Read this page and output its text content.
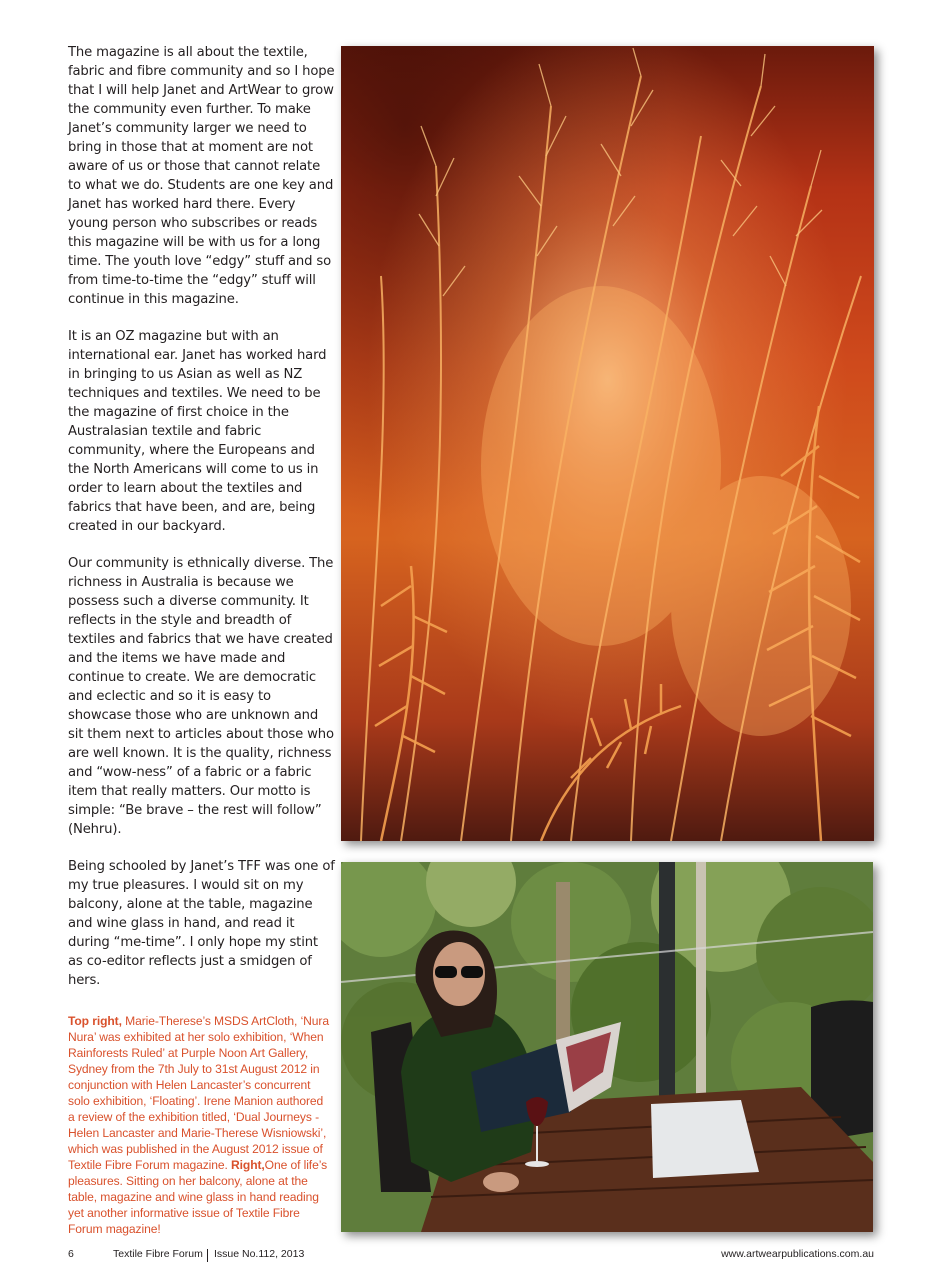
The magazine is all about the textile, fabric and fibre community and so I hope that I will help Janet and ArtWear to grow the community even further. To make Janet’s community larger we need to bring in those that at moment are not aware of us or those that cannot relate to what we do. Students are one key and Janet has worked hard there. Every young person who subscribes or reads this magazine will be with us for a long time. The youth love “edgy” stuff and so from time-to-time the “edgy” stuff will continue in this magazine.

It is an OZ magazine but with an international ear. Janet has worked hard in bringing to us Asian as well as NZ techniques and textiles. We need to be the magazine of first choice in the Australasian textile and fabric community, where the Europeans and the North Americans will come to us in order to learn about the textiles and fabrics that have been, and are, being created in our backyard.

Our community is ethnically diverse. The richness in Australia is because we possess such a diverse community. It reflects in the style and breadth of textiles and fabrics that we have created and the items we have made and continue to create. We are democratic and eclectic and so it is easy to showcase those who are unknown and sit them next to articles about those who are well known. It is the quality, richness and “wow-ness” of a fabric or a fabric item that really matters. Our motto is simple: “Be brave – the rest will follow” (Nehru).

Being schooled by Janet’s TFF was one of my true pleasures. I would sit on my balcony, alone at the table, magazine and wine glass in hand, and read it during “me-time”. I only hope my stint as co-editor reflects just a smidgen of hers.

Top right, Marie-Therese’s MSDS ArtCloth, ‘Nura Nura’ was exhibited at her solo exhibition, ‘When Rainforests Ruled’ at Purple Noon Art Gallery, Sydney from the 7th July to 31st August 2012 in conjunction with Helen Lancaster’s concurrent solo exhibition, ‘Floating’. Irene Manion authored a review of the exhibition titled, ‘Dual Journeys - Helen Lancaster and Marie-Therese Wisniowski’, which was published in the August 2012 issue of Textile Fibre Forum magazine. Right,One of life’s pleasures. Sitting on her balcony, alone at the table, magazine and wine glass in hand reading yet another informative issue of Textile Fibre Forum magazine!
6	Textile Fibre Forum Issue No.112, 2013	www.artwearpublications.com.au
